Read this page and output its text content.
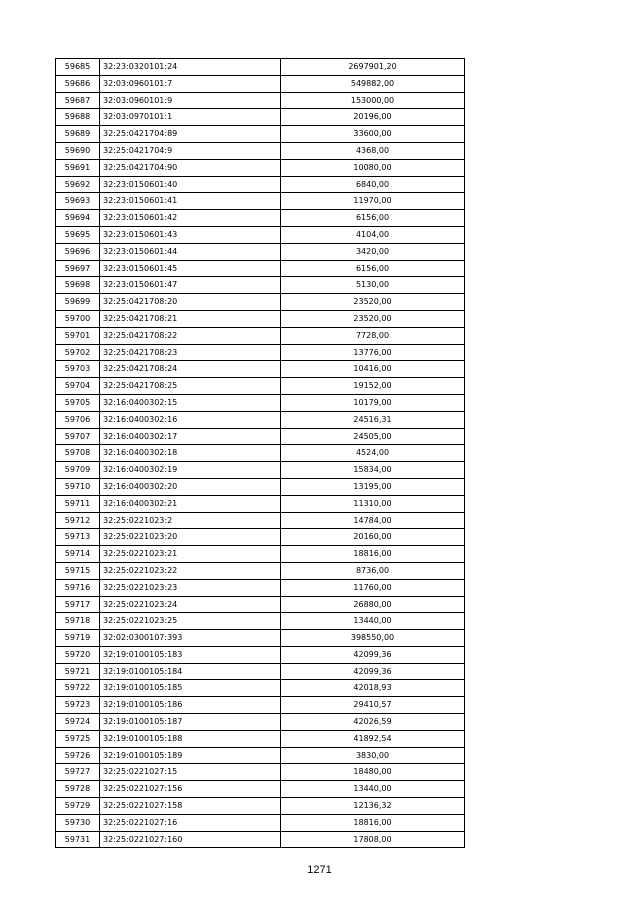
59685	32:23:0320101:24	2697901,20
59686	32:03:0960101:7	549882,00
59687	32:03:0960101:9	153000,00
59688	32:03:0970101:1	20196,00
59689	32:25:0421704:89	33600,00
59690	32:25:0421704:9	4368,00
59691	32:25:0421704:90	10080,00
59692	32:23:0150601:40	6840,00
59693	32:23:0150601:41	11970,00
59694	32:23:0150601:42	6156,00
59695	32:23:0150601:43	4104,00
59696	32:23:0150601:44	3420,00
59697	32:23:0150601:45	6156,00
59698	32:23:0150601:47	5130,00
59699	32:25:0421708:20	23520,00
59700	32:25:0421708:21	23520,00
59701	32:25:0421708:22	7728,00
59702	32:25:0421708:23	13776,00
59703	32:25:0421708:24	10416,00
59704	32:25:0421708:25	19152,00
59705	32:16:0400302:15	10179,00
59706	32:16:0400302:16	24516,31
59707	32:16:0400302:17	24505,00
59708	32:16:0400302:18	4524,00
59709	32:16:0400302:19	15834,00
59710	32:16:0400302:20	13195,00
59711	32:16:0400302:21	11310,00
59712	32:25:0221023:2	14784,00
59713	32:25:0221023:20	20160,00
59714	32:25:0221023:21	18816,00
59715	32:25:0221023:22	8736,00
59716	32:25:0221023:23	11760,00
59717	32:25:0221023:24	26880,00
59718	32:25:0221023:25	13440,00
59719	32:02:0300107:393	398550,00
59720	32:19:0100105:183	42099,36
59721	32:19:0100105:184	42099,36
59722	32:19:0100105:185	42018,93
59723	32:19:0100105:186	29410,57
59724	32:19:0100105:187	42026,59
59725	32:19:0100105:188	41892,54
59726	32:19:0100105:189	3830,00
59727	32:25:0221027:15	18480,00
59728	32:25:0221027:156	13440,00
59729	32:25:0221027:158	12136,32
59730	32:25:0221027:16	18816,00
59731	32:25:0221027:160	17808,00
1271
